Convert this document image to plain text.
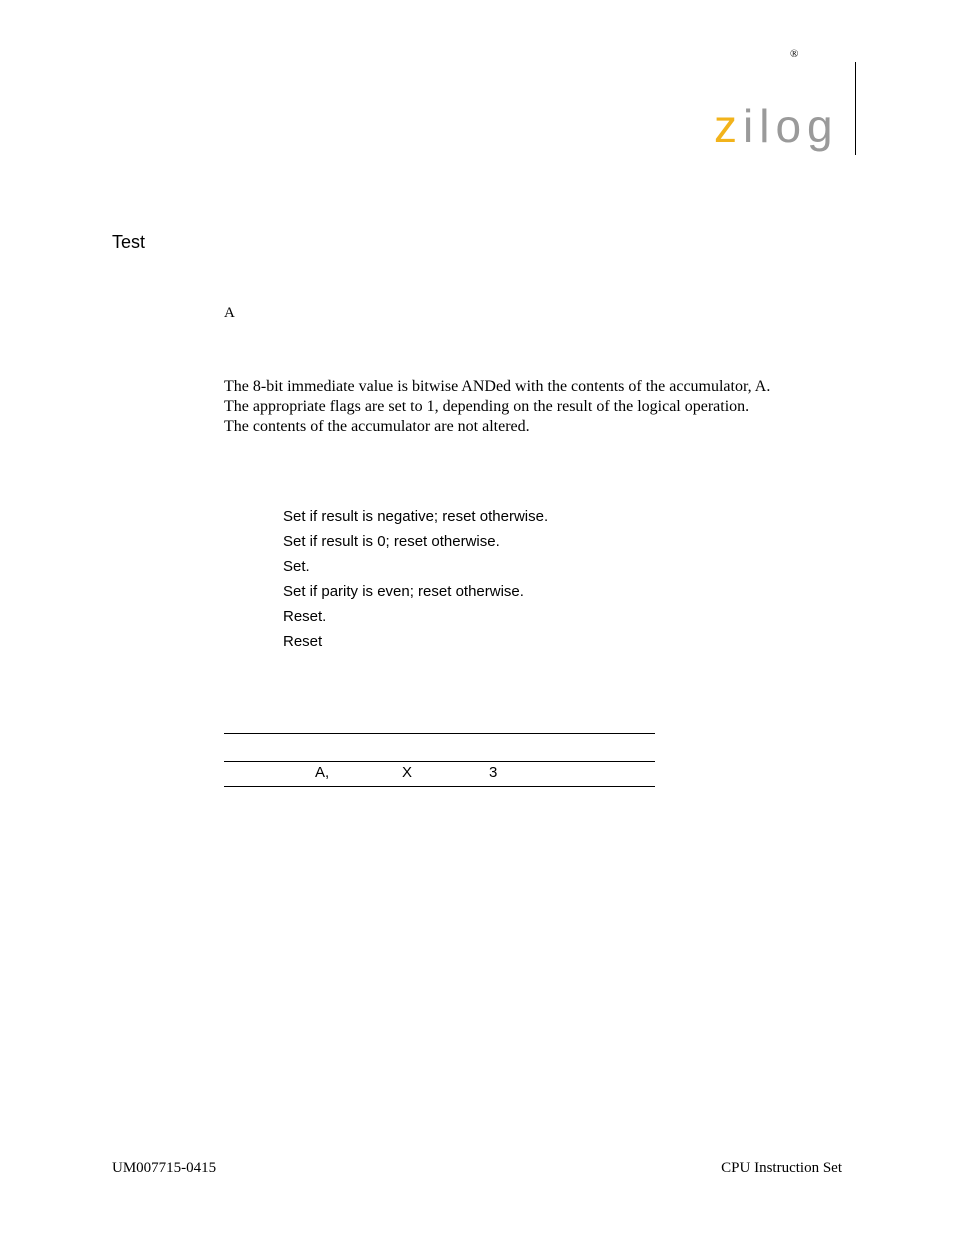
®
zilog
Test
A
The 8-bit immediate value is bitwise ANDed with the contents of the accumulator, A.
The appropriate flags are set to 1, depending on the result of the logical operation.
The contents of the accumulator are not altered.
Set if result is negative; reset otherwise.
Set if result is 0; reset otherwise.
Set.
Set if parity is even; reset otherwise.
Reset.
Reset
A,	X	3
UM007715-0415	CPU Instruction Set
